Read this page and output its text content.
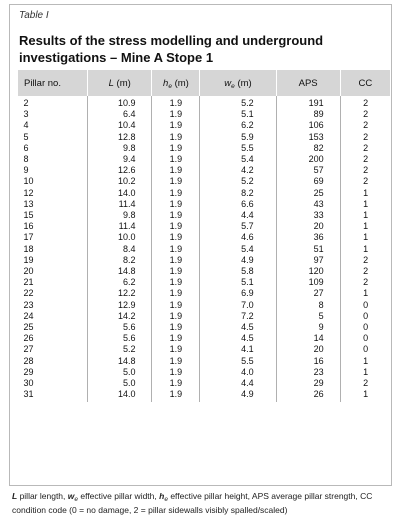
Table I
Results of the stress modelling and underground investigations – Mine A Stope 1
Pillar no.	L (m)	$h_e$ (m)	$w_e$ (m)	APS	CC
2	10.9	1.9	5.2	191	2
3	6.4	1.9	5.1	89	2
4	10.4	1.9	6.2	106	2
5	12.8	1.9	5.9	153	2
6	9.8	1.9	5.5	82	2
8	9.4	1.9	5.4	200	2
9	12.6	1.9	4.2	57	2
10	10.2	1.9	5.2	69	2
12	14.0	1.9	8.2	25	1
13	11.4	1.9	6.6	43	1
15	9.8	1.9	4.4	33	1
16	11.4	1.9	5.7	20	1
17	10.0	1.9	4.6	36	1
18	8.4	1.9	5.4	51	1
19	8.2	1.9	4.9	97	2
20	14.8	1.9	5.8	120	2
21	6.2	1.9	5.1	109	2
22	12.2	1.9	6.9	27	1
23	12.9	1.9	7.0	8	0
24	14.2	1.9	7.2	5	0
25	5.6	1.9	4.5	9	0
26	5.6	1.9	4.5	14	0
27	5.2	1.9	4.1	20	0
28	14.8	1.9	5.5	16	1
29	5.0	1.9	4.0	23	1
30	5.0	1.9	4.4	29	2
31	14.0	1.9	4.9	26	1
L pillar length, $w_e$ effective pillar width, $h_e$ effective pillar height, APS average pillar strength, CC condition code (0 = no damage, 2 = pillar sidewalls visibly spalled/scaled)
